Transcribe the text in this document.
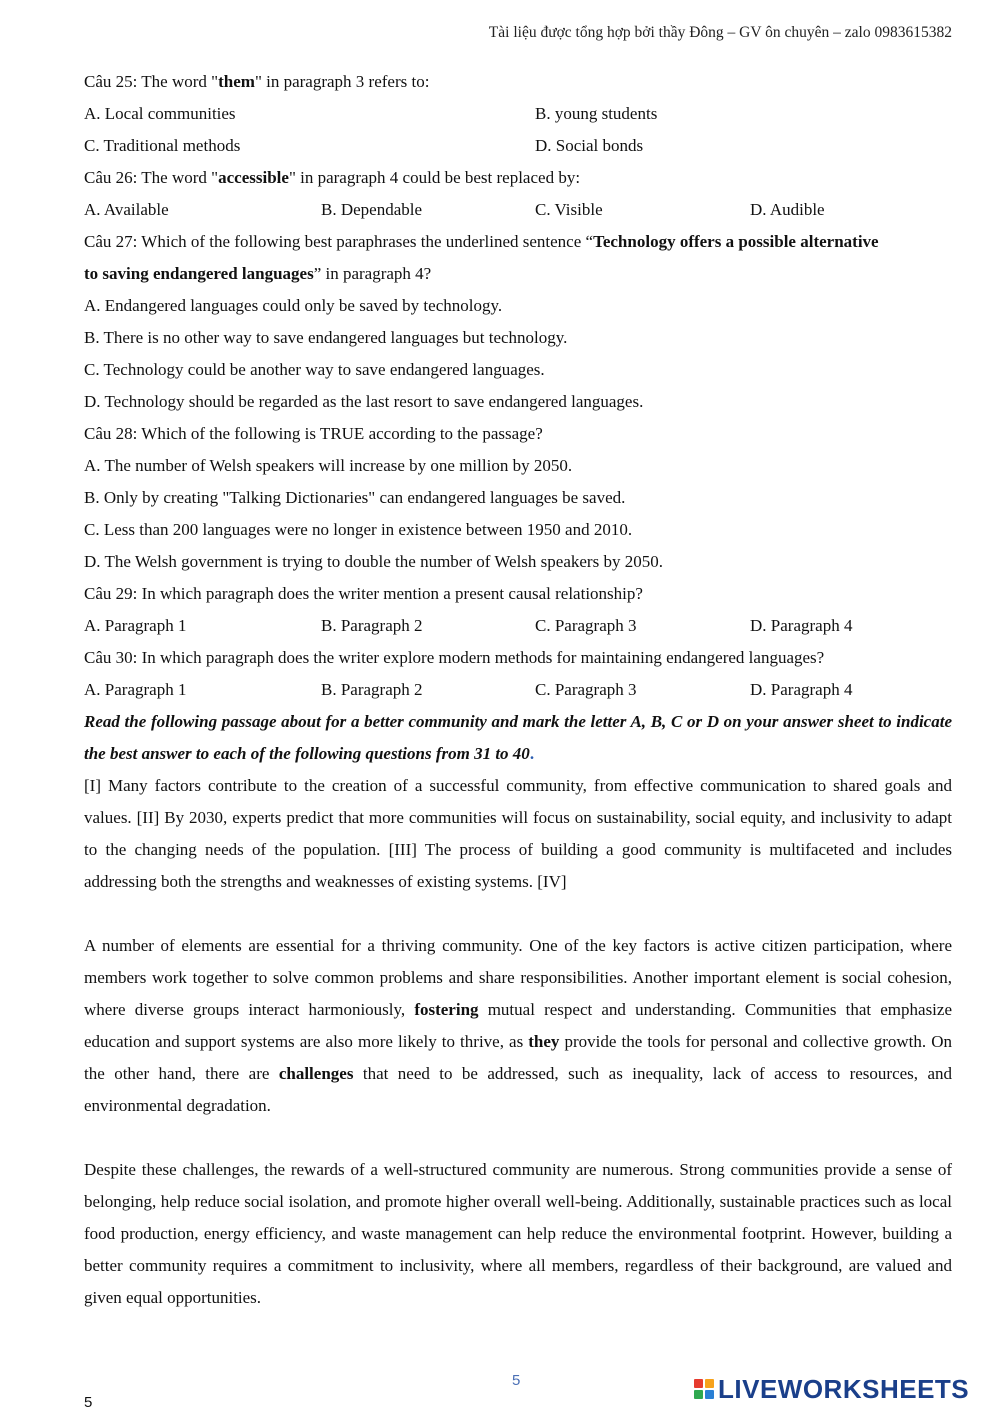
Tài liệu được tổng hợp bởi thầy Đông – GV ôn chuyên – zalo 0983615382
Câu 25: The word "them" in paragraph 3 refers to:
A. Local communities	B. young students
C. Traditional methods	D. Social bonds
Câu 26: The word "accessible" in paragraph 4 could be best replaced by:
A. Available	B. Dependable	C. Visible	D. Audible
Câu 27: Which of the following best paraphrases the underlined sentence “Technology offers a possible alternative
to saving endangered languages” in paragraph 4?
A. Endangered languages could only be saved by technology.
B. There is no other way to save endangered languages but technology.
C. Technology could be another way to save endangered languages.
D. Technology should be regarded as the last resort to save endangered languages.
Câu 28: Which of the following is TRUE according to the passage?
A. The number of Welsh speakers will increase by one million by 2050.
B. Only by creating "Talking Dictionaries" can endangered languages be saved.
C. Less than 200 languages were no longer in existence between 1950 and 2010.
D. The Welsh government is trying to double the number of Welsh speakers by 2050.
Câu 29: In which paragraph does the writer mention a present causal relationship?
A. Paragraph 1	B. Paragraph 2	C. Paragraph 3	D. Paragraph 4
Câu 30: In which paragraph does the writer explore modern methods for maintaining endangered languages?
A. Paragraph 1	B. Paragraph 2	C. Paragraph 3	D. Paragraph 4
Read the following passage about for a better community and mark the letter A, B, C or D on your answer sheet to indicate the best answer to each of the following questions from 31 to 40.

[I] Many factors contribute to the creation of a successful community, from effective communication to shared goals and values. [II] By 2030, experts predict that more communities will focus on sustainability, social equity, and inclusivity to adapt to the changing needs of the population. [III] The process of building a good community is multifaceted and includes addressing both the strengths and weaknesses of existing systems. [IV]

A number of elements are essential for a thriving community. One of the key factors is active citizen participation, where members work together to solve common problems and share responsibilities. Another important element is social cohesion, where diverse groups interact harmoniously, fostering mutual respect and understanding. Communities that emphasize education and support systems are also more likely to thrive, as they provide the tools for personal and collective growth. On the other hand, there are challenges that need to be addressed, such as inequality, lack of access to resources, and environmental degradation.

Despite these challenges, the rewards of a well-structured community are numerous. Strong communities provide a sense of belonging, help reduce social isolation, and promote higher overall well-being. Additionally, sustainable practices such as local food production, energy efficiency, and waste management can help reduce the environmental footprint. However, building a better community requires a commitment to inclusivity, where all members, regardless of their background, are valued and given equal opportunities.

5
5	LIVEWORKSHEETS
